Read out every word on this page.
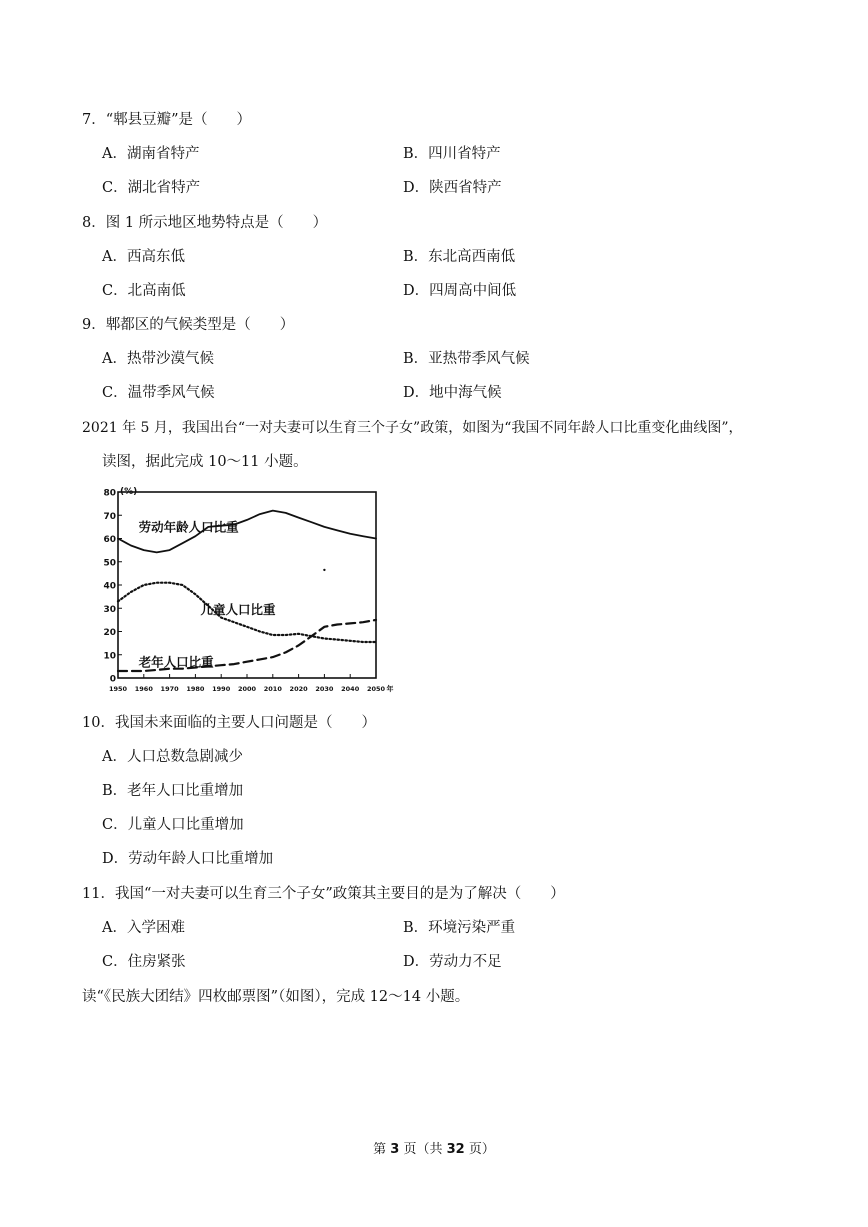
7．“郫县豆瓣”是（　　）
A．湖南省特产	B．四川省特产
C．湖北省特产	D．陕西省特产
8．图 1 所示地区地势特点是（　　）
A．西高东低	B．东北高西南低
C．北高南低	D．四周高中间低
9．郫都区的气候类型是（　　）
A．热带沙漠气候	B．亚热带季风气候
C．温带季风气候	D．地中海气候
2021 年 5 月，我国出台“一对夫妻可以生育三个子女”政策，如图为“我国不同年龄人口比重变化曲线图”，
读图，据此完成 10～11 小题。
0
10
20
30
40
50
60
70
80 (%)
1950 1960 1970 1980 1990 2000 2010 2020 2030 2040 2050 年
劳动年龄人口比重
儿童人口比重
老年人口比重
10．我国未来面临的主要人口问题是（　　）
A．人口总数急剧减少
B．老年人口比重增加
C．儿童人口比重增加
D．劳动年龄人口比重增加
11．我国“一对夫妻可以生育三个子女”政策其主要目的是为了解决（　　）
A．入学困难	B．环境污染严重
C．住房紧张	D．劳动力不足
读“《民族大团结》四枚邮票图”（如图），完成 12～14 小题。
第 3 页（共 32 页）
